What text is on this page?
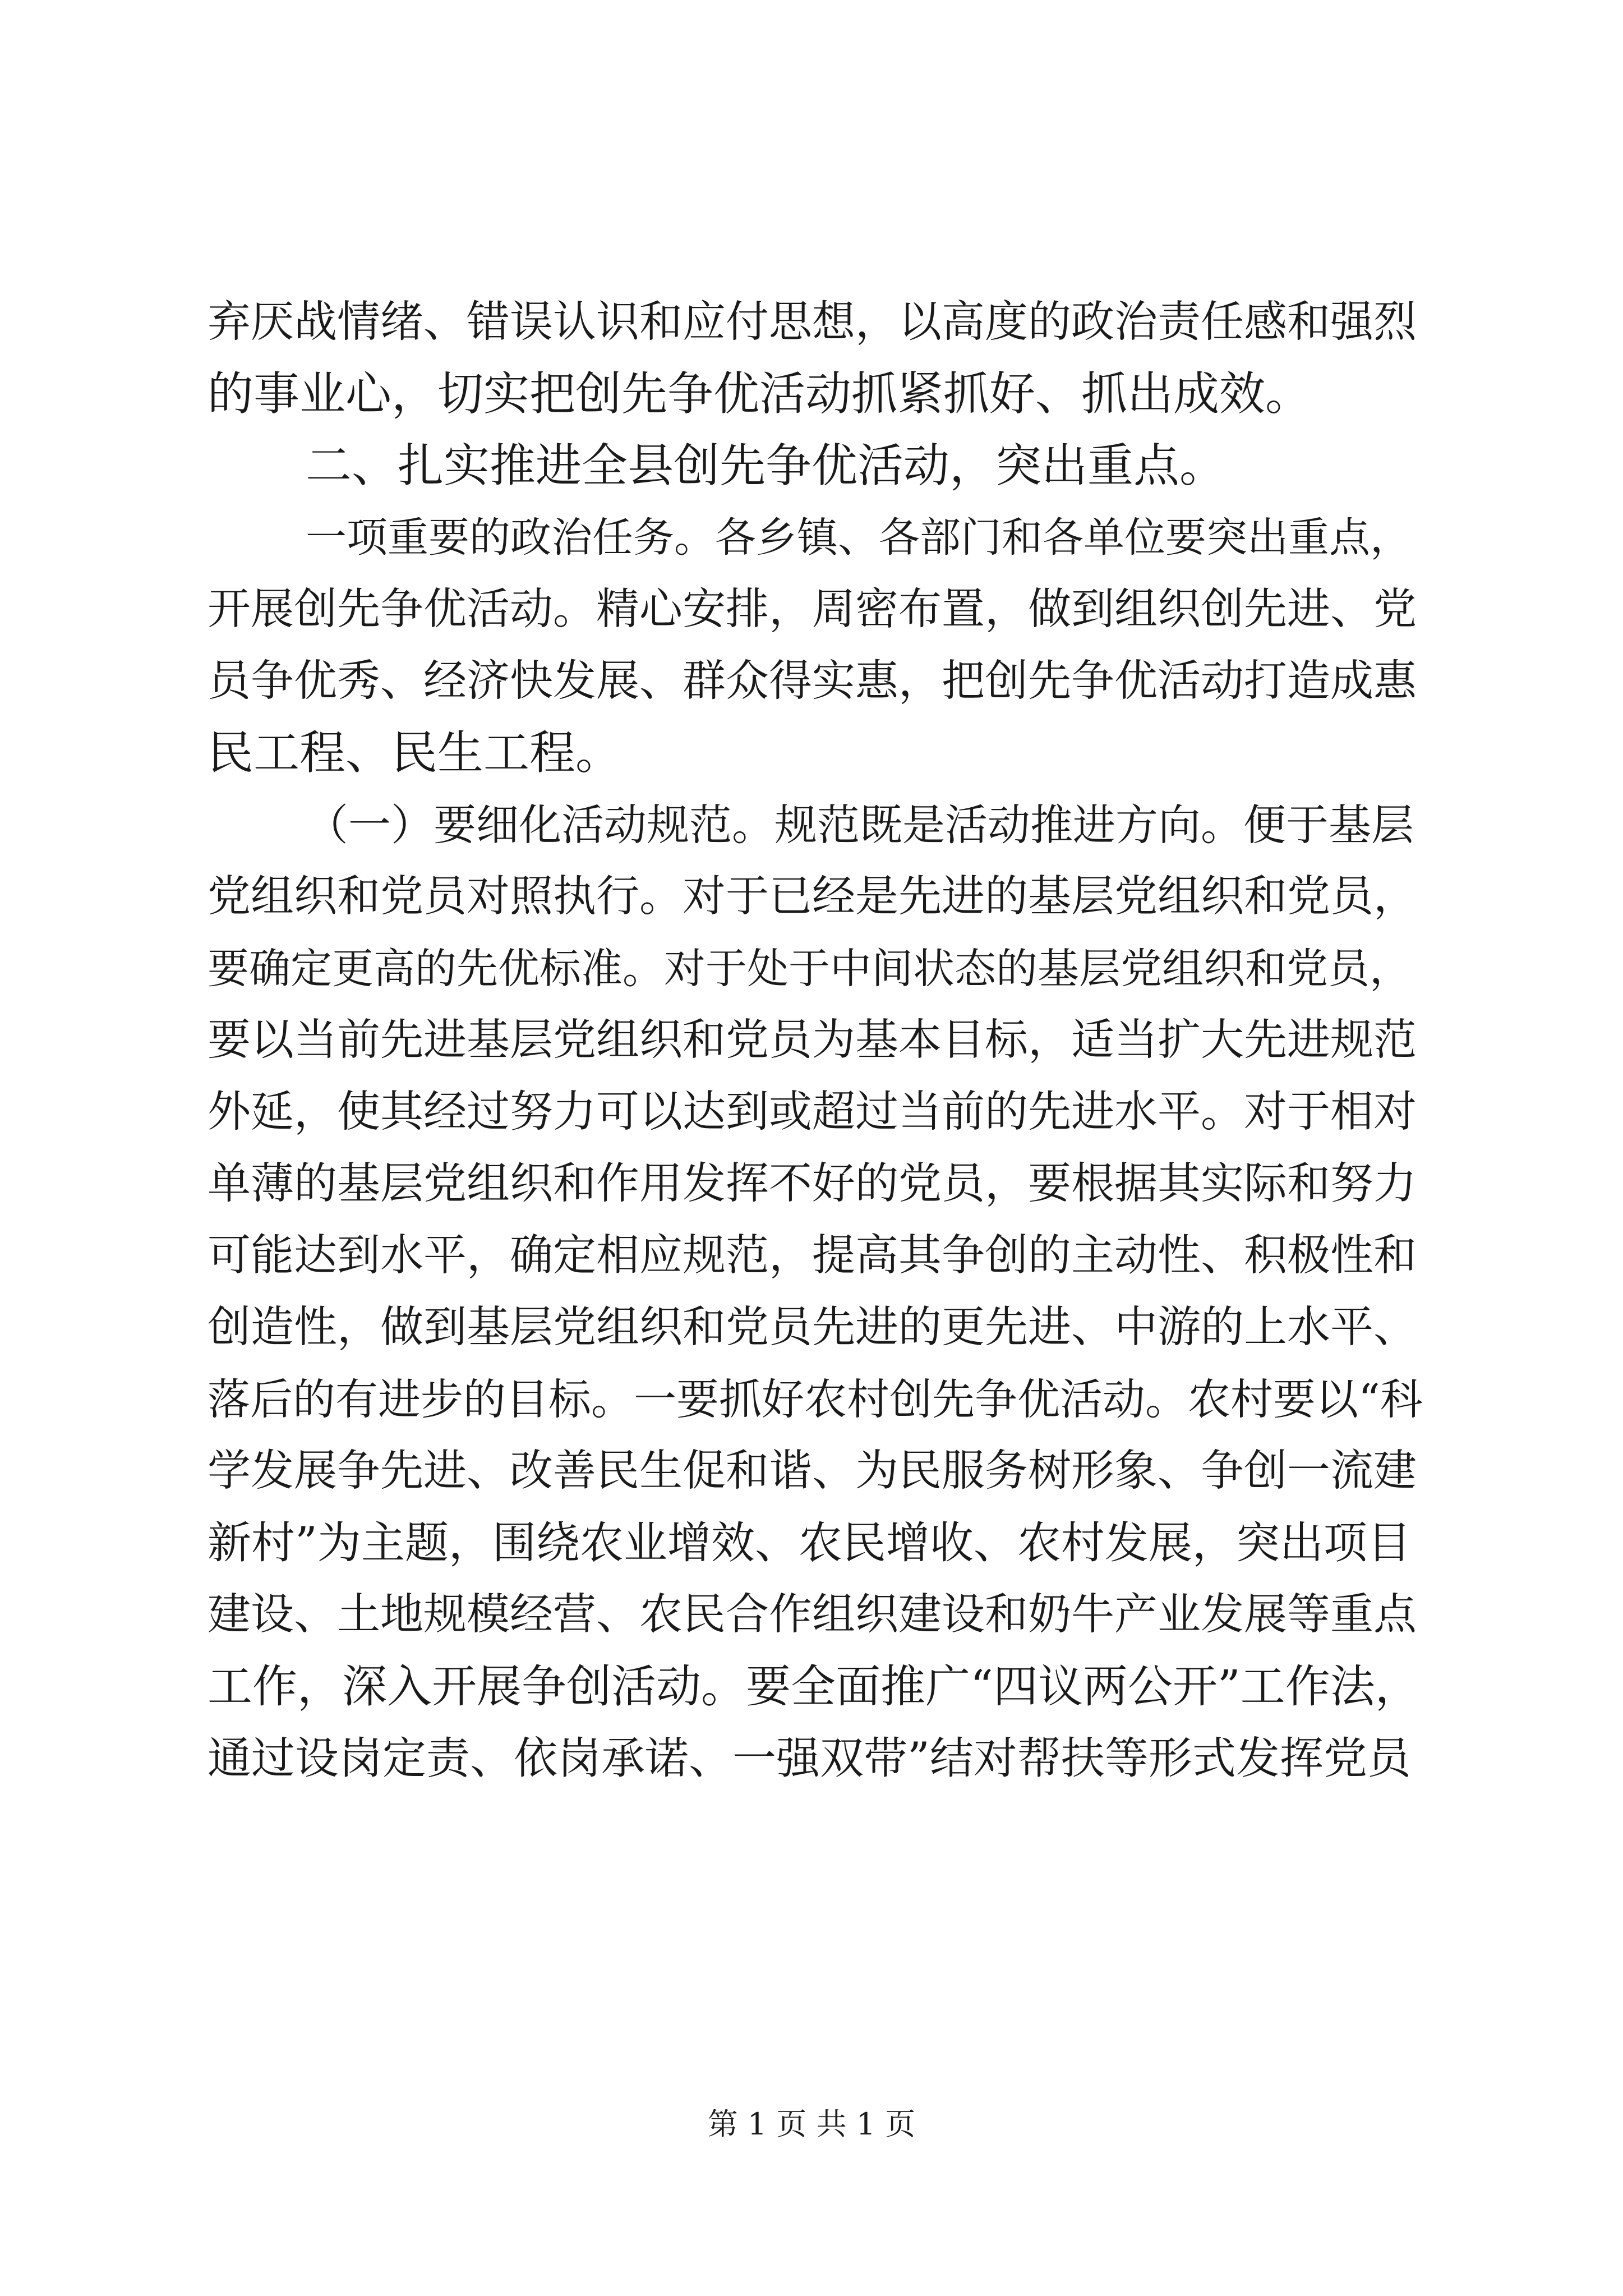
弃厌战情绪、错误认识和应付思想，以高度的政治责任感和强烈
的事业心，切实把创先争优活动抓紧抓好、抓出成效。
二、扎实推进全县创先争优活动，突出重点。
一项重要的政治任务。各乡镇、各部门和各单位要突出重点，
开展创先争优活动。精心安排，周密布置，做到组织创先进、党
员争优秀、经济快发展、群众得实惠，把创先争优活动打造成惠
民工程、民生工程。
（一）要细化活动规范。规范既是活动推进方向。便于基层
党组织和党员对照执行。对于已经是先进的基层党组织和党员，
要确定更高的先优标准。对于处于中间状态的基层党组织和党员，
要以当前先进基层党组织和党员为基本目标，适当扩大先进规范
外延，使其经过努力可以达到或超过当前的先进水平。对于相对
单薄的基层党组织和作用发挥不好的党员，要根据其实际和努力
可能达到水平，确定相应规范，提高其争创的主动性、积极性和
创造性，做到基层党组织和党员先进的更先进、中游的上水平、
落后的有进步的目标。一要抓好农村创先争优活动。农村要以“科
学发展争先进、改善民生促和谐、为民服务树形象、争创一流建
新村”为主题，围绕农业增效、农民增收、农村发展，突出项目
建设、土地规模经营、农民合作组织建设和奶牛产业发展等重点
工作，深入开展争创活动。要全面推广“四议两公开”工作法，
通过设岗定责、依岗承诺、一强双带”结对帮扶等形式发挥党员
第 1 页 共 1 页
